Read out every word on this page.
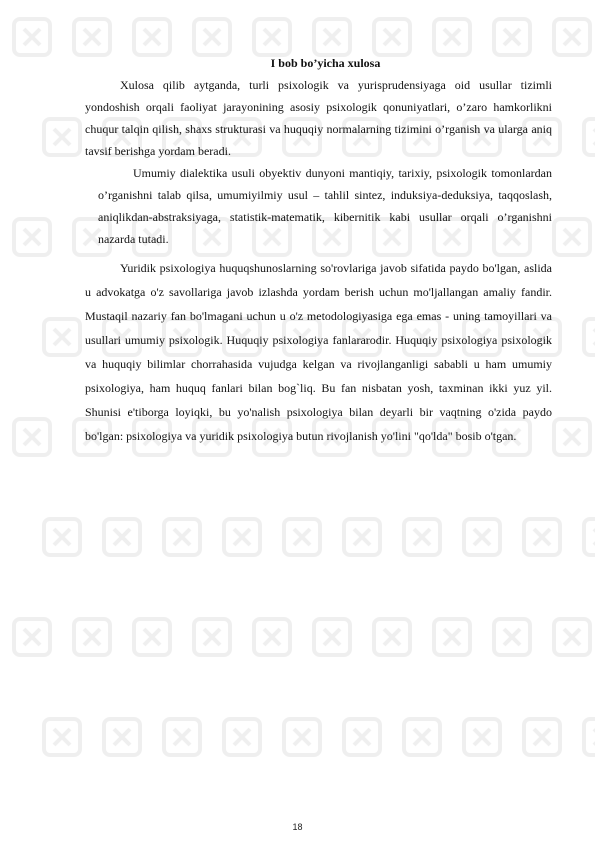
I bob bo’yicha xulosa

Xulosa qilib aytganda, turli psixologik va yurisprudensiyaga oid usullar tizimli yondoshish orqali faoliyat jarayonining asosiy psixologik qonuniyatlari, o’zaro hamkorlikni chuqur talqin qilish, shaxs strukturasi va huquqiy normalarning tizimini o’rganish va ularga aniq tavsif berishga yordam beradi.

Umumiy dialektika usuli obyektiv dunyoni mantiqiy, tarixiy, psixologik tomonlardan o’rganishni talab qilsa, umumiyilmiy usul – tahlil sintez, induksiya-deduksiya, taqqoslash, aniqlikdan-abstraksiyaga, statistik-matematik, kibernitik kabi usullar orqali o’rganishni nazarda tutadi.

Yuridik psixologiya huquqshunoslarning so'rovlariga javob sifatida paydo bo'lgan, aslida u advokatga o'z savollariga javob izlashda yordam berish uchun mo'ljallangan amaliy fandir. Mustaqil nazariy fan bo'lmagani uchun u o'z metodologiyasiga ega emas - uning tamoyillari va usullari umumiy psixologik. Huquqiy psixologiya fanlararodir. Huquqiy psixologiya psixologik va huquqiy bilimlar chorrahasida vujudga kelgan va rivojlanganligi sababli u ham umumiy psixologiya, ham huquq fanlari bilan bog`liq. Bu fan nisbatan yosh, taxminan ikki yuz yil. Shunisi e'tiborga loyiqki, bu yo'nalish psixologiya bilan deyarli bir vaqtning o'zida paydo bo'lgan: psixologiya va yuridik psixologiya butun rivojlanish yo'lini "qo'lda" bosib o'tgan.

18
